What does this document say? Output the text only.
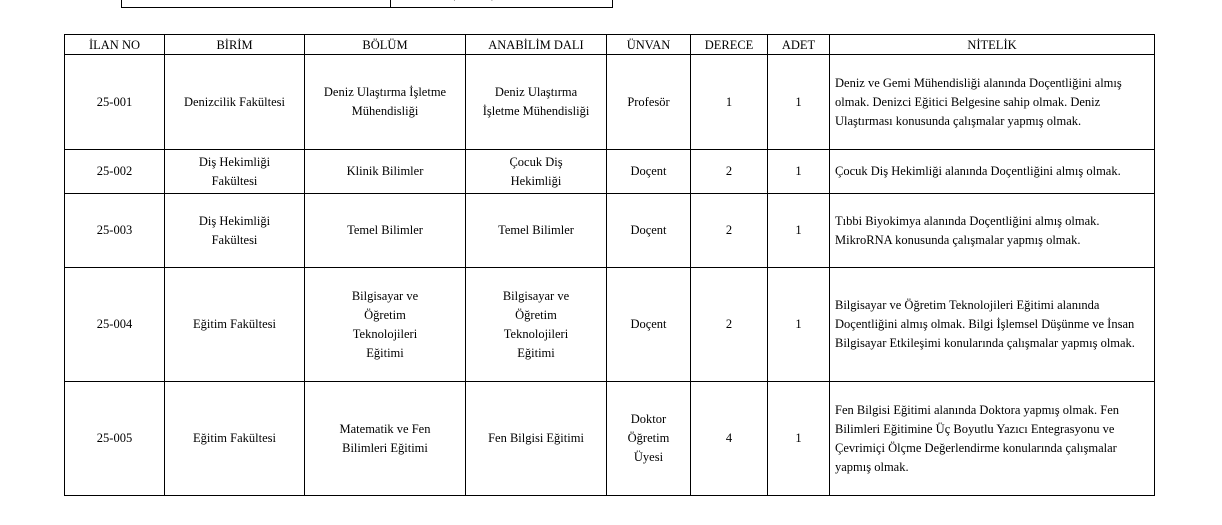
İLAN NO	BİRİM	BÖLÜM	ANABİLİM DALI	ÜNVAN	DERECE	ADET	NİTELİK
25-001	Denizcilik Fakültesi	Deniz Ulaştırma İşletme Mühendisliği	Deniz Ulaştırma İşletme Mühendisliği	Profesör	1	1	Deniz ve Gemi Mühendisliği alanında Doçentliğini almış olmak. Denizci Eğitici Belgesine sahip olmak. Deniz Ulaştırması konusunda çalışmalar yapmış olmak.
25-002	Diş Hekimliği Fakültesi	Klinik Bilimler	Çocuk Diş Hekimliği	Doçent	2	1	Çocuk Diş Hekimliği alanında Doçentliğini almış olmak.
25-003	Diş Hekimliği Fakültesi	Temel Bilimler	Temel Bilimler	Doçent	2	1	Tıbbi Biyokimya alanında Doçentliğini almış olmak. MikroRNA konusunda çalışmalar yapmış olmak.
25-004	Eğitim Fakültesi	Bilgisayar ve Öğretim Teknolojileri Eğitimi	Bilgisayar ve Öğretim Teknolojileri Eğitimi	Doçent	2	1	Bilgisayar ve Öğretim Teknolojileri Eğitimi alanında Doçentliğini almış olmak. Bilgi İşlemsel Düşünme ve İnsan Bilgisayar Etkileşimi konularında çalışmalar yapmış olmak.
25-005	Eğitim Fakültesi	Matematik ve Fen Bilimleri Eğitimi	Fen Bilgisi Eğitimi	Doktor Öğretim Üyesi	4	1	Fen Bilgisi Eğitimi alanında Doktora yapmış olmak. Fen Bilimleri Eğitimine Üç Boyutlu Yazıcı Entegrasyonu ve Çevrimiçi Ölçme Değerlendirme konularında çalışmalar yapmış olmak.
